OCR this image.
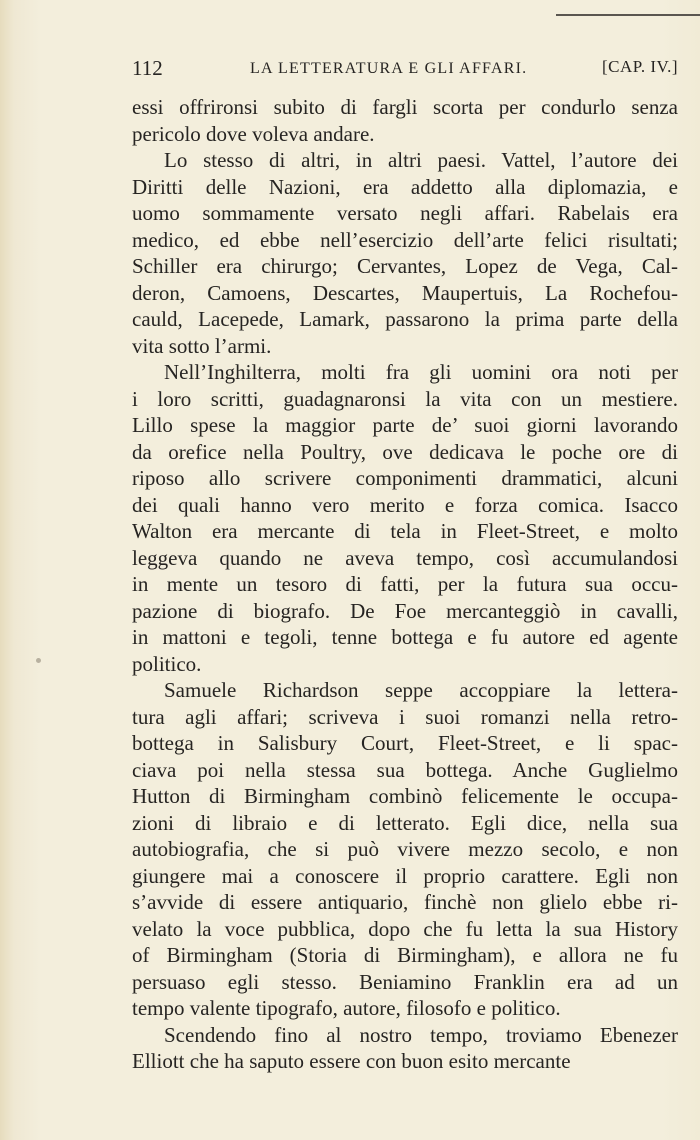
112	LA LETTERATURA E GLI AFFARI.	[CAP. IV.]

essi offrironsi subito di fargli scorta per condurlo senza
pericolo dove voleva andare.

Lo stesso di altri, in altri paesi. Vattel, l’autore dei
Diritti delle Nazioni, era addetto alla diplomazia, e
uomo sommamente versato negli affari. Rabelais era
medico, ed ebbe nell’esercizio dell’arte felici risultati;
Schiller era chirurgo; Cervantes, Lopez de Vega, Cal-
deron, Camoens, Descartes, Maupertuis, La Rochefou-
cauld, Lacepede, Lamark, passarono la prima parte della
vita sotto l’armi.

Nell’Inghilterra, molti fra gli uomini ora noti per
i loro scritti, guadagnaronsi la vita con un mestiere.
Lillo spese la maggior parte de’ suoi giorni lavorando
da orefice nella Poultry, ove dedicava le poche ore di
riposo allo scrivere componimenti drammatici, alcuni
dei quali hanno vero merito e forza comica. Isacco
Walton era mercante di tela in Fleet-Street, e molto
leggeva quando ne aveva tempo, così accumulandosi
in mente un tesoro di fatti, per la futura sua occu-
pazione di biografo. De Foe mercanteggiò in cavalli,
in mattoni e tegoli, tenne bottega e fu autore ed agente
politico.

Samuele Richardson seppe accoppiare la lettera-
tura agli affari; scriveva i suoi romanzi nella retro-
bottega in Salisbury Court, Fleet-Street, e li spac-
ciava poi nella stessa sua bottega. Anche Guglielmo
Hutton di Birmingham combinò felicemente le occupa-
zioni di libraio e di letterato. Egli dice, nella sua
autobiografia, che si può vivere mezzo secolo, e non
giungere mai a conoscere il proprio carattere. Egli non
s’avvide di essere antiquario, finchè non glielo ebbe ri-
velato la voce pubblica, dopo che fu letta la sua History
of Birmingham (Storia di Birmingham), e allora ne fu
persuaso egli stesso. Beniamino Franklin era ad un
tempo valente tipografo, autore, filosofo e politico.

Scendendo fino al nostro tempo, troviamo Ebenezer
Elliott che ha saputo essere con buon esito mercante
